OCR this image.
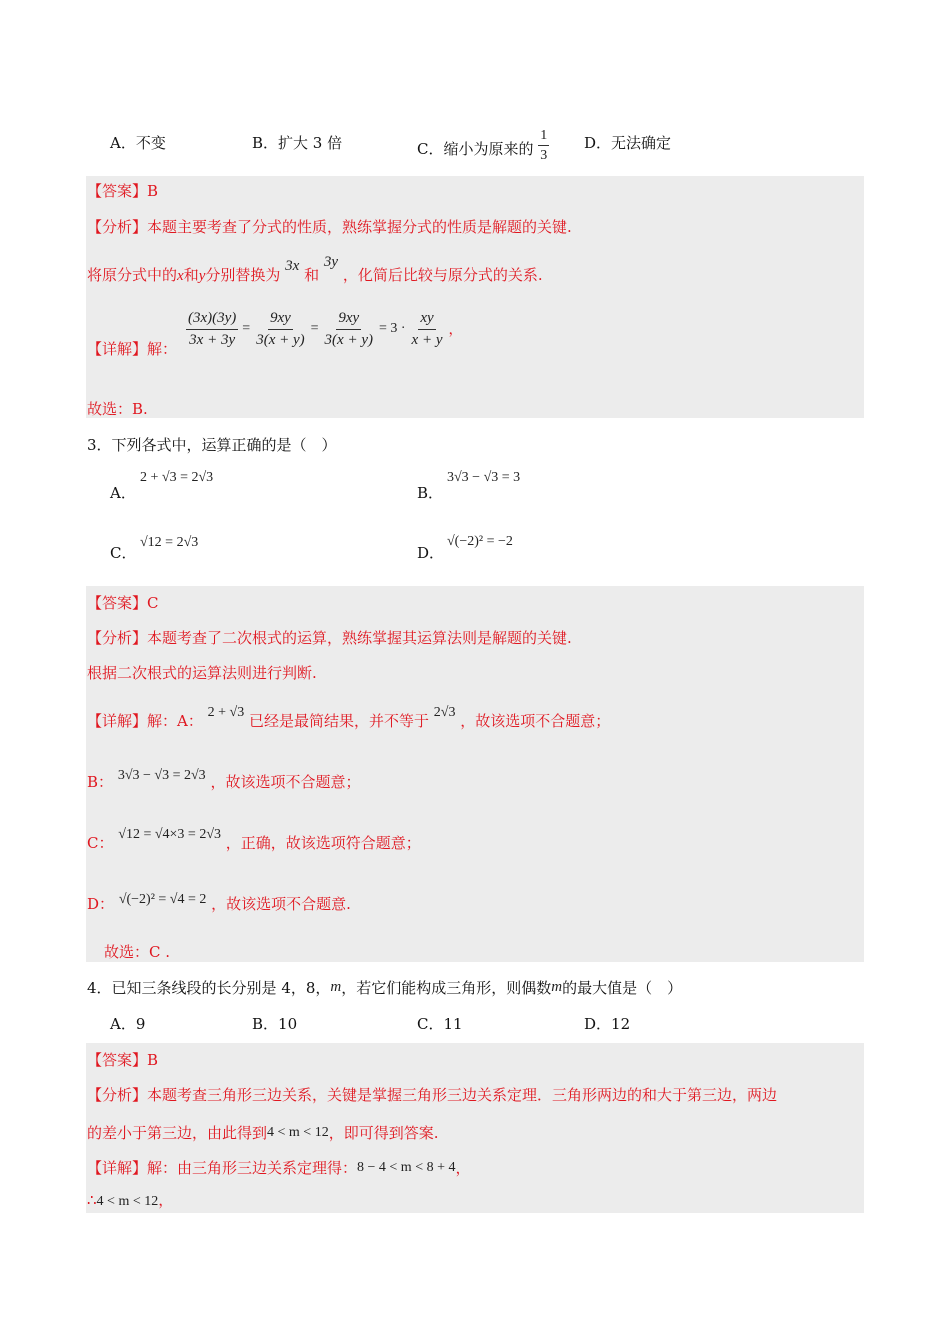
A．不变	B．扩大 3 倍	C．缩小为原来的 $\frac{1}{3}$ D．无法确定
【答案】B
【分析】本题主要考查了分式的性质，熟练掌握分式的性质是解题的关键.
将原分式中的x和y分别替换为 3x 和 3y ，化简后比较与原分式的关系.
【详解】解：
$\frac{(3x)(3y)}{3x + 3y} = \frac{9xy}{3(x + y)} = \frac{9xy}{3(x + y)} = 3 \cdot \frac{xy}{x + y}$ ，
故选：B.
3．下列各式中，运算正确的是（　）
A．
2 + √3 = 2√3
B．
3√3 − √3 = 3
C．
√12 = 2√3
D．
√(−2)² = −2
【答案】C
【分析】本题考查了二次根式的运算，熟练掌握其运算法则是解题的关键.
根据二次根式的运算法则进行判断.
【详解】解：A： 2 + √3 已经是最简结果，并不等于 2√3 ，故该选项不合题意；
B： 3√3 − √3 = 2√3 ，故该选项不合题意；
C： √12 = √4×3 = 2√3 ，正确，故该选项符合题意；
D： √(−2)² = √4 = 2 ，故该选项不合题意.
故选：C .
4．已知三条线段的长分别是 4，8，m，若它们能构成三角形，则偶数m的最大值是（　）
A．9	B．10	C．11	D．12
【答案】B
【分析】本题考查三角形三边关系，关键是掌握三角形三边关系定理．三角形两边的和大于第三边，两边
的差小于第三边，由此得到4 < m < 12，即可得到答案.
【详解】解：由三角形三边关系定理得：8 − 4 < m < 8 + 4，
∴4 < m < 12，
